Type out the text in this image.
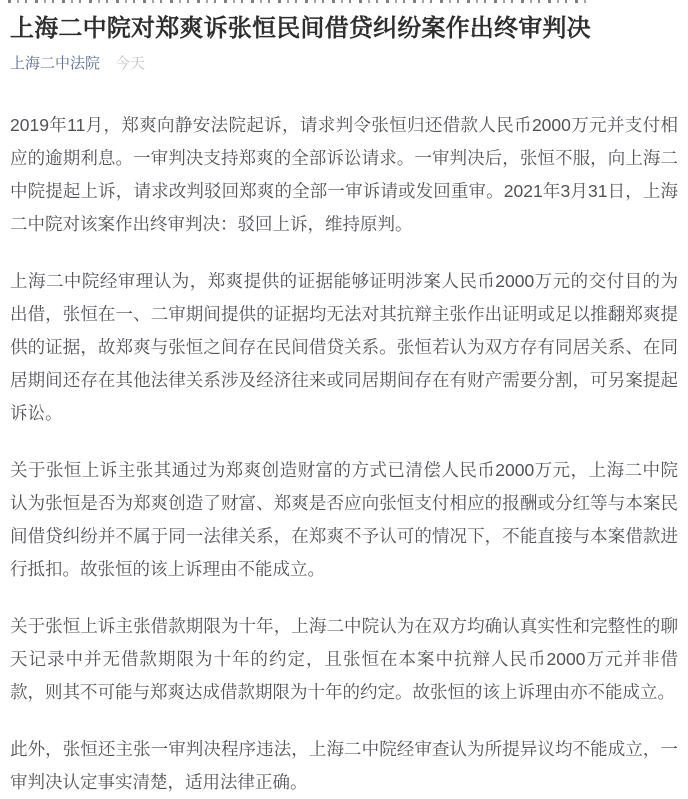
上海二中院对郑爽诉张恒民间借贷纠纷案作出终审判决
上海二中法院 今天

2019年11月，郑爽向静安法院起诉，请求判令张恒归还借款人民币2000万元并支付相应的逾期利息。一审判决支持郑爽的全部诉讼请求。一审判决后，张恒不服，向上海二中院提起上诉，请求改判驳回郑爽的全部一审诉请或发回重审。2021年3月31日，上海二中院对该案作出终审判决：驳回上诉，维持原判。

上海二中院经审理认为，郑爽提供的证据能够证明涉案人民币2000万元的交付目的为出借，张恒在一、二审期间提供的证据均无法对其抗辩主张作出证明或足以推翻郑爽提供的证据，故郑爽与张恒之间存在民间借贷关系。张恒若认为双方存有同居关系、在同居期间还存在其他法律关系涉及经济往来或同居期间存在有财产需要分割，可另案提起诉讼。

关于张恒上诉主张其通过为郑爽创造财富的方式已清偿人民币2000万元，上海二中院认为张恒是否为郑爽创造了财富、郑爽是否应向张恒支付相应的报酬或分红等与本案民间借贷纠纷并不属于同一法律关系，在郑爽不予认可的情况下，不能直接与本案借款进行抵扣。故张恒的该上诉理由不能成立。

关于张恒上诉主张借款期限为十年，上海二中院认为在双方均确认真实性和完整性的聊天记录中并无借款期限为十年的约定，且张恒在本案中抗辩人民币2000万元并非借款，则其不可能与郑爽达成借款期限为十年的约定。故张恒的该上诉理由亦不能成立。

此外，张恒还主张一审判决程序违法，上海二中院经审查认为所提异议均不能成立，一审判决认定事实清楚，适用法律正确。
